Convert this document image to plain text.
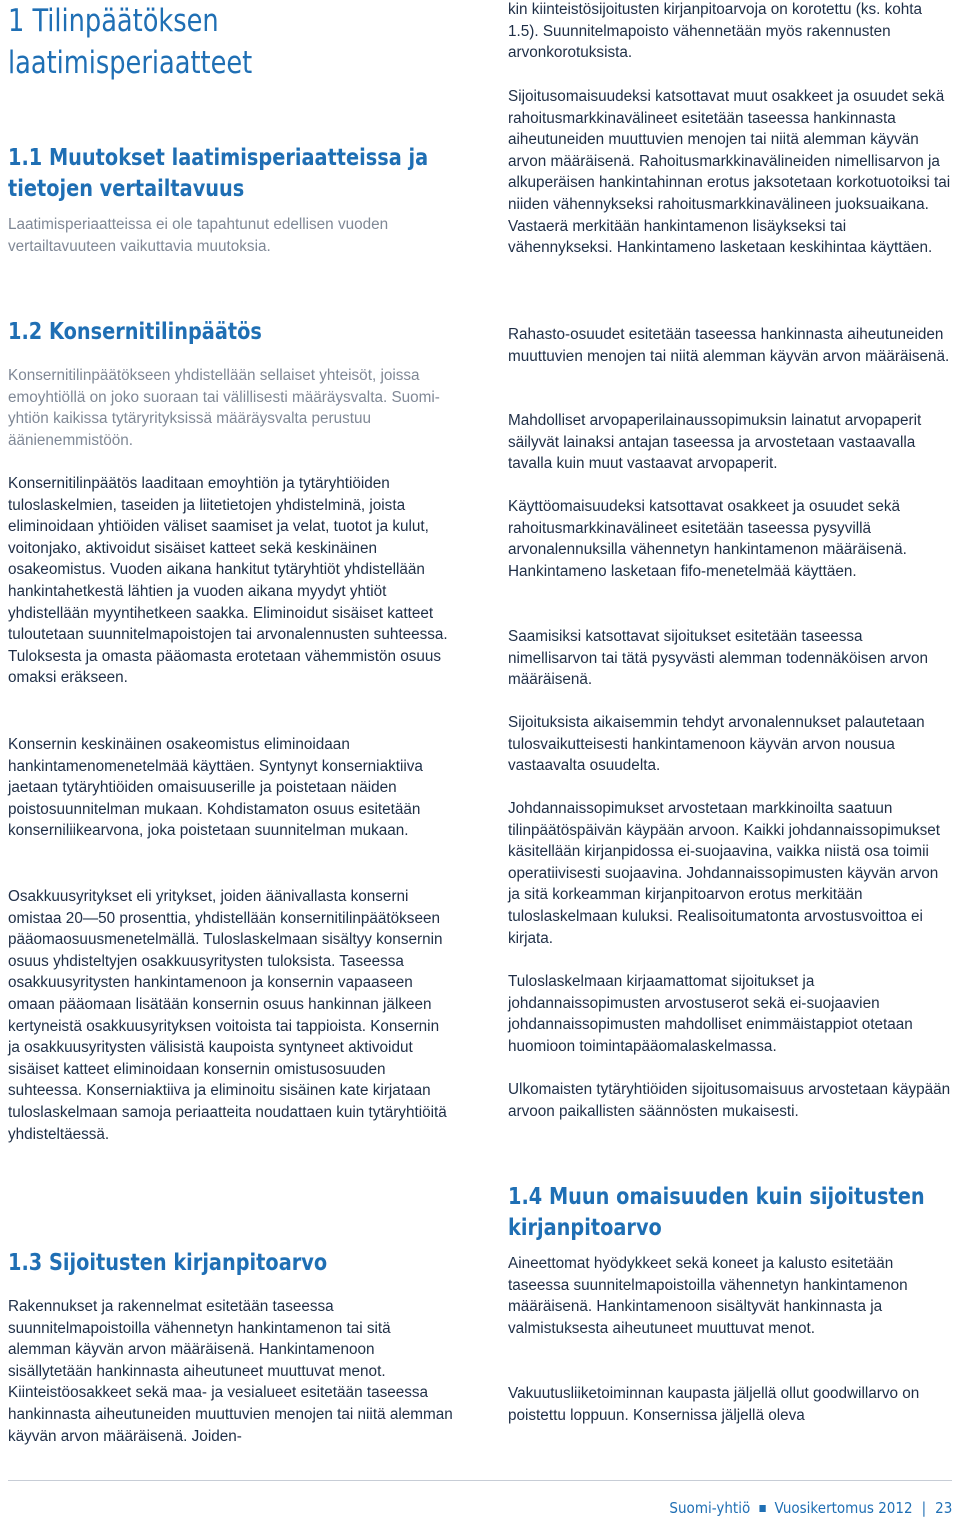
1 Tilinpäätöksen laatimisperiaatteet
1.1 Muutokset laatimisperiaatteissa ja tietojen vertailtavuus

Laatimisperiaatteissa ei ole tapahtunut edellisen vuoden vertailtavuuteen vaikuttavia muutoksia.

1.2 Konsernitilinpäätös

Konsernitilinpäätökseen yhdistellään sellaiset yhteisöt, joissa emoyhtiöllä on joko suoraan tai välillisesti määräysvalta. Suomi-yhtiön kaikissa tytäryrityksissä määräysvalta perustuu äänienemmistöön.

Konsernitilinpäätös laaditaan emoyhtiön ja tytäryhtiöiden tuloslaskelmien, taseiden ja liitetietojen yhdistelminä, joista eliminoidaan yhtiöiden väliset saamiset ja velat, tuotot ja kulut, voitonjako, aktivoidut sisäiset katteet sekä keskinäinen osakeomistus. Vuoden aikana hankitut tytäryhtiöt yhdistellään hankintahetkestä lähtien ja vuoden aikana myydyt yhtiöt yhdistellään myyntihetkeen saakka. Eliminoidut sisäiset katteet tuloutetaan suunnitelmapoistojen tai arvonalennusten suhteessa. Tuloksesta ja omasta pääomasta erotetaan vähemmistön osuus omaksi eräkseen.

Konsernin keskinäinen osakeomistus eliminoidaan hankintamenomenetelmää käyttäen. Syntynyt konserniaktiiva jaetaan tytäryhtiöiden omaisuuserille ja poistetaan näiden poistosuunnitelman mukaan. Kohdistamaton osuus esitetään konserniliikearvona, joka poistetaan suunnitelman mukaan.

Osakkuusyritykset eli yritykset, joiden äänivallasta konserni omistaa 20—50 prosenttia, yhdistellään konsernitilinpäätökseen pääomaosuusmenetelmällä. Tuloslaskelmaan sisältyy konsernin osuus yhdisteltyjen osakkuusyritysten tuloksista. Taseessa osakkuusyritysten hankintamenoon ja konsernin vapaaseen omaan pääomaan lisätään konsernin osuus hankinnan jälkeen kertyneistä osakkuusyrityksen voitoista tai tappioista. Konsernin ja osakkuusyritysten välisistä kaupoista syntyneet aktivoidut sisäiset katteet eliminoidaan konsernin omistusosuuden suhteessa. Konserniaktiiva ja eliminoitu sisäinen kate kirjataan tuloslaskelmaan samoja periaatteita noudattaen kuin tytäryhtiöitä yhdisteltäessä.

1.3 Sijoitusten kirjanpitoarvo

Rakennukset ja rakennelmat esitetään taseessa suunnitelmapoistoilla vähennetyn hankintamenon tai sitä alemman käyvän arvon määräisenä. Hankintamenoon sisällytetään hankinnasta aiheutuneet muuttuvat menot. Kiinteistöosakkeet sekä maa- ja vesialueet esitetään taseessa hankinnasta aiheutuneiden muuttuvien menojen tai niitä alemman käyvän arvon määräisenä. Joiden-

kin kiinteistösijoitusten kirjanpitoarvoja on korotettu (ks. kohta 1.5). Suunnitelmapoisto vähennetään myös rakennusten arvonkorotuksista.

Sijoitusomaisuudeksi katsottavat muut osakkeet ja osuudet sekä rahoitusmarkkinavälineet esitetään taseessa hankinnasta aiheutuneiden muuttuvien menojen tai niitä alemman käyvän arvon määräisenä. Rahoitusmarkkinavälineiden nimellisarvon ja alkuperäisen hankintahinnan erotus jaksotetaan korkotuotoiksi tai niiden vähennykseksi rahoitusmarkkinavälineen juoksuaikana. Vastaerä merkitään hankintamenon lisäykseksi tai vähennykseksi. Hankintameno lasketaan keskihintaa käyttäen.

Rahasto-osuudet esitetään taseessa hankinnasta aiheutuneiden muuttuvien menojen tai niitä alemman käyvän arvon määräisenä.

Mahdolliset arvopaperilainaussopimuksin lainatut arvopaperit säilyvät lainaksi antajan taseessa ja arvostetaan vastaavalla tavalla kuin muut vastaavat arvopaperit.

Käyttöomaisuudeksi katsottavat osakkeet ja osuudet sekä rahoitusmarkkinavälineet esitetään taseessa pysyvillä arvonalennuksilla vähennetyn hankintamenon määräisenä. Hankintameno lasketaan fifo-menetelmää käyttäen.

Saamisiksi katsottavat sijoitukset esitetään taseessa nimellisarvon tai tätä pysyvästi alemman todennäköisen arvon määräisenä.

Sijoituksista aikaisemmin tehdyt arvonalennukset palautetaan tulosvaikutteisesti hankintamenoon käyvän arvon nousua vastaavalta osuudelta.

Johdannaissopimukset arvostetaan markkinoilta saatuun tilinpäätöspäivän käypään arvoon. Kaikki johdannaissopimukset käsitellään kirjanpidossa ei-suojaavina, vaikka niistä osa toimii operatiivisesti suojaavina. Johdannaissopimusten käyvän arvon ja sitä korkeamman kirjanpitoarvon erotus merkitään tuloslaskelmaan kuluksi. Realisoitumatonta arvostusvoittoa ei kirjata.

Tuloslaskelmaan kirjaamattomat sijoitukset ja johdannaissopimusten arvostuserot sekä ei-suojaavien johdannaissopimusten mahdolliset enimmäistappiot otetaan huomioon toimintapääomalaskelmassa.

Ulkomaisten tytäryhtiöiden sijoitusomaisuus arvostetaan käypään arvoon paikallisten säännösten mukaisesti.

1.4 Muun omaisuuden kuin sijoitusten kirjanpitoarvo

Aineettomat hyödykkeet sekä koneet ja kalusto esitetään taseessa suunnitelmapoistoilla vähennetyn hankintamenon määräisenä. Hankintamenoon sisältyvät hankinnasta ja valmistuksesta aiheutuneet muuttuvat menot.

Vakuutusliiketoiminnan kaupasta jäljellä ollut goodwillarvo on poistettu loppuun. Konsernissa jäljellä oleva

Suomi-yhtiö Vuosikertomus 2012 | 23
